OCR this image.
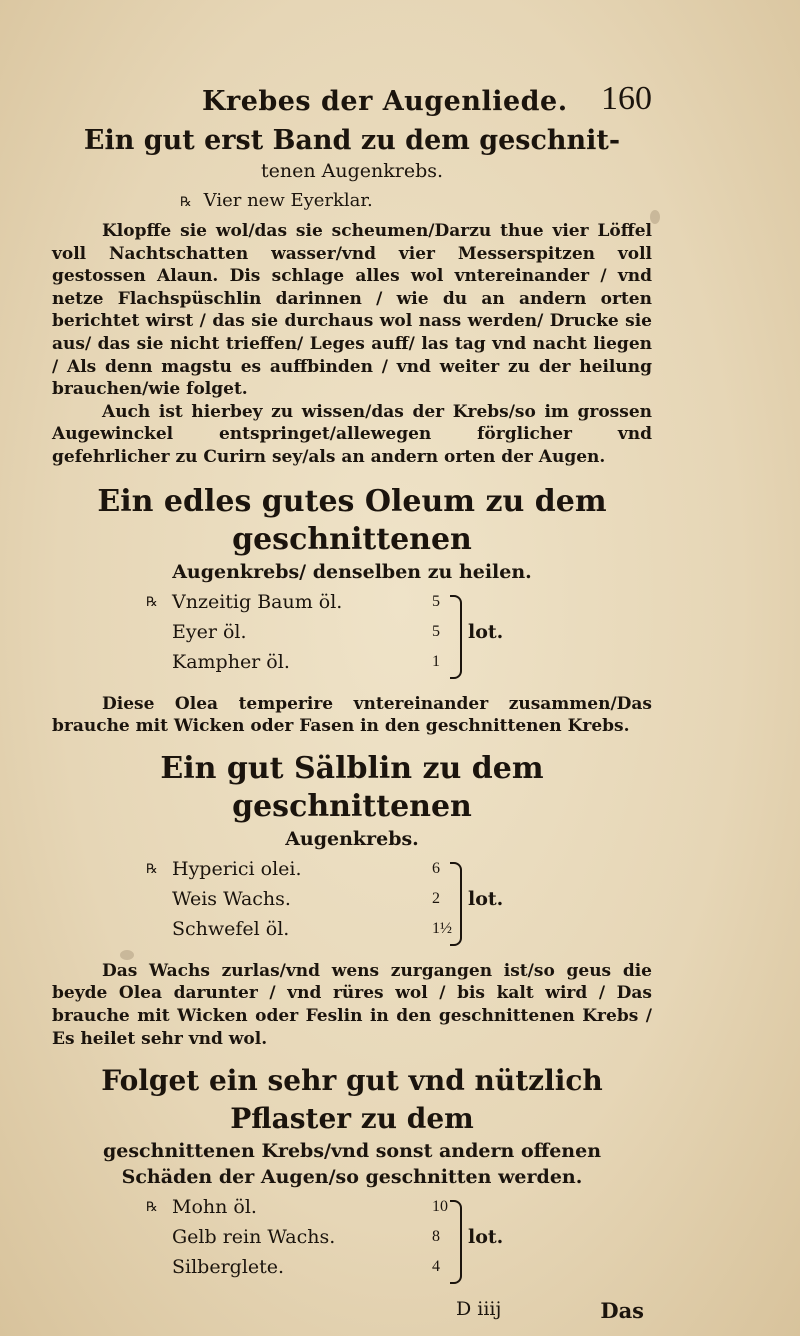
Krebes der Augenliede. 160

Ein gut erst Band zu dem geschnit-

tenen Augenkrebs.

℞ Vier new Eyerklar.

Klopffe sie wol/das sie scheumen/Darzu thue vier Löffel voll Nachtschatten wasser/vnd vier Messerspitzen voll gestossen Alaun. Dis schlage alles wol vntereinander / vnd netze Flachspüschlin darinnen / wie du an andern orten berichtet wirst / das sie durchaus wol nass werden/ Drucke sie aus/ das sie nicht trieffen/ Leges auff/ las tag vnd nacht liegen / Als denn magstu es auffbinden / vnd weiter zu der heilung brauchen/wie folget.

Auch ist hierbey zu wissen/das der Krebs/so im grossen Augewinckel entspringet/allewegen förglicher vnd gefehrlicher zu Curirn sey/als an andern orten der Augen.

Ein edles gutes Oleum zu dem geschnittenen

Augenkrebs/ denselben zu heilen.

℞ Vnzeitig Baum öl.
Eyer öl.
Kampher öl.
5
5
1
lot.

Diese Olea temperire vntereinander zusammen/Das brauche mit Wicken oder Fasen in den geschnittenen Krebs.

Ein gut Sälblin zu dem geschnittenen

Augenkrebs.

℞ Hyperici olei.
Weis Wachs.
Schwefel öl.
6
2
1½
lot.

Das Wachs zurlas/vnd wens zurgangen ist/so geus die beyde Olea darunter / vnd rüres wol / bis kalt wird / Das brauche mit Wicken oder Feslin in den geschnittenen Krebs / Es heilet sehr vnd wol.

Folget ein sehr gut vnd nützlich Pflaster zu dem

geschnittenen Krebs/vnd sonst andern offenen Schäden der Augen/so geschnitten werden.

℞ Mohn öl.
Gelb rein Wachs.
Silberglete.
10
8
4
lot.
D iiij	Das
